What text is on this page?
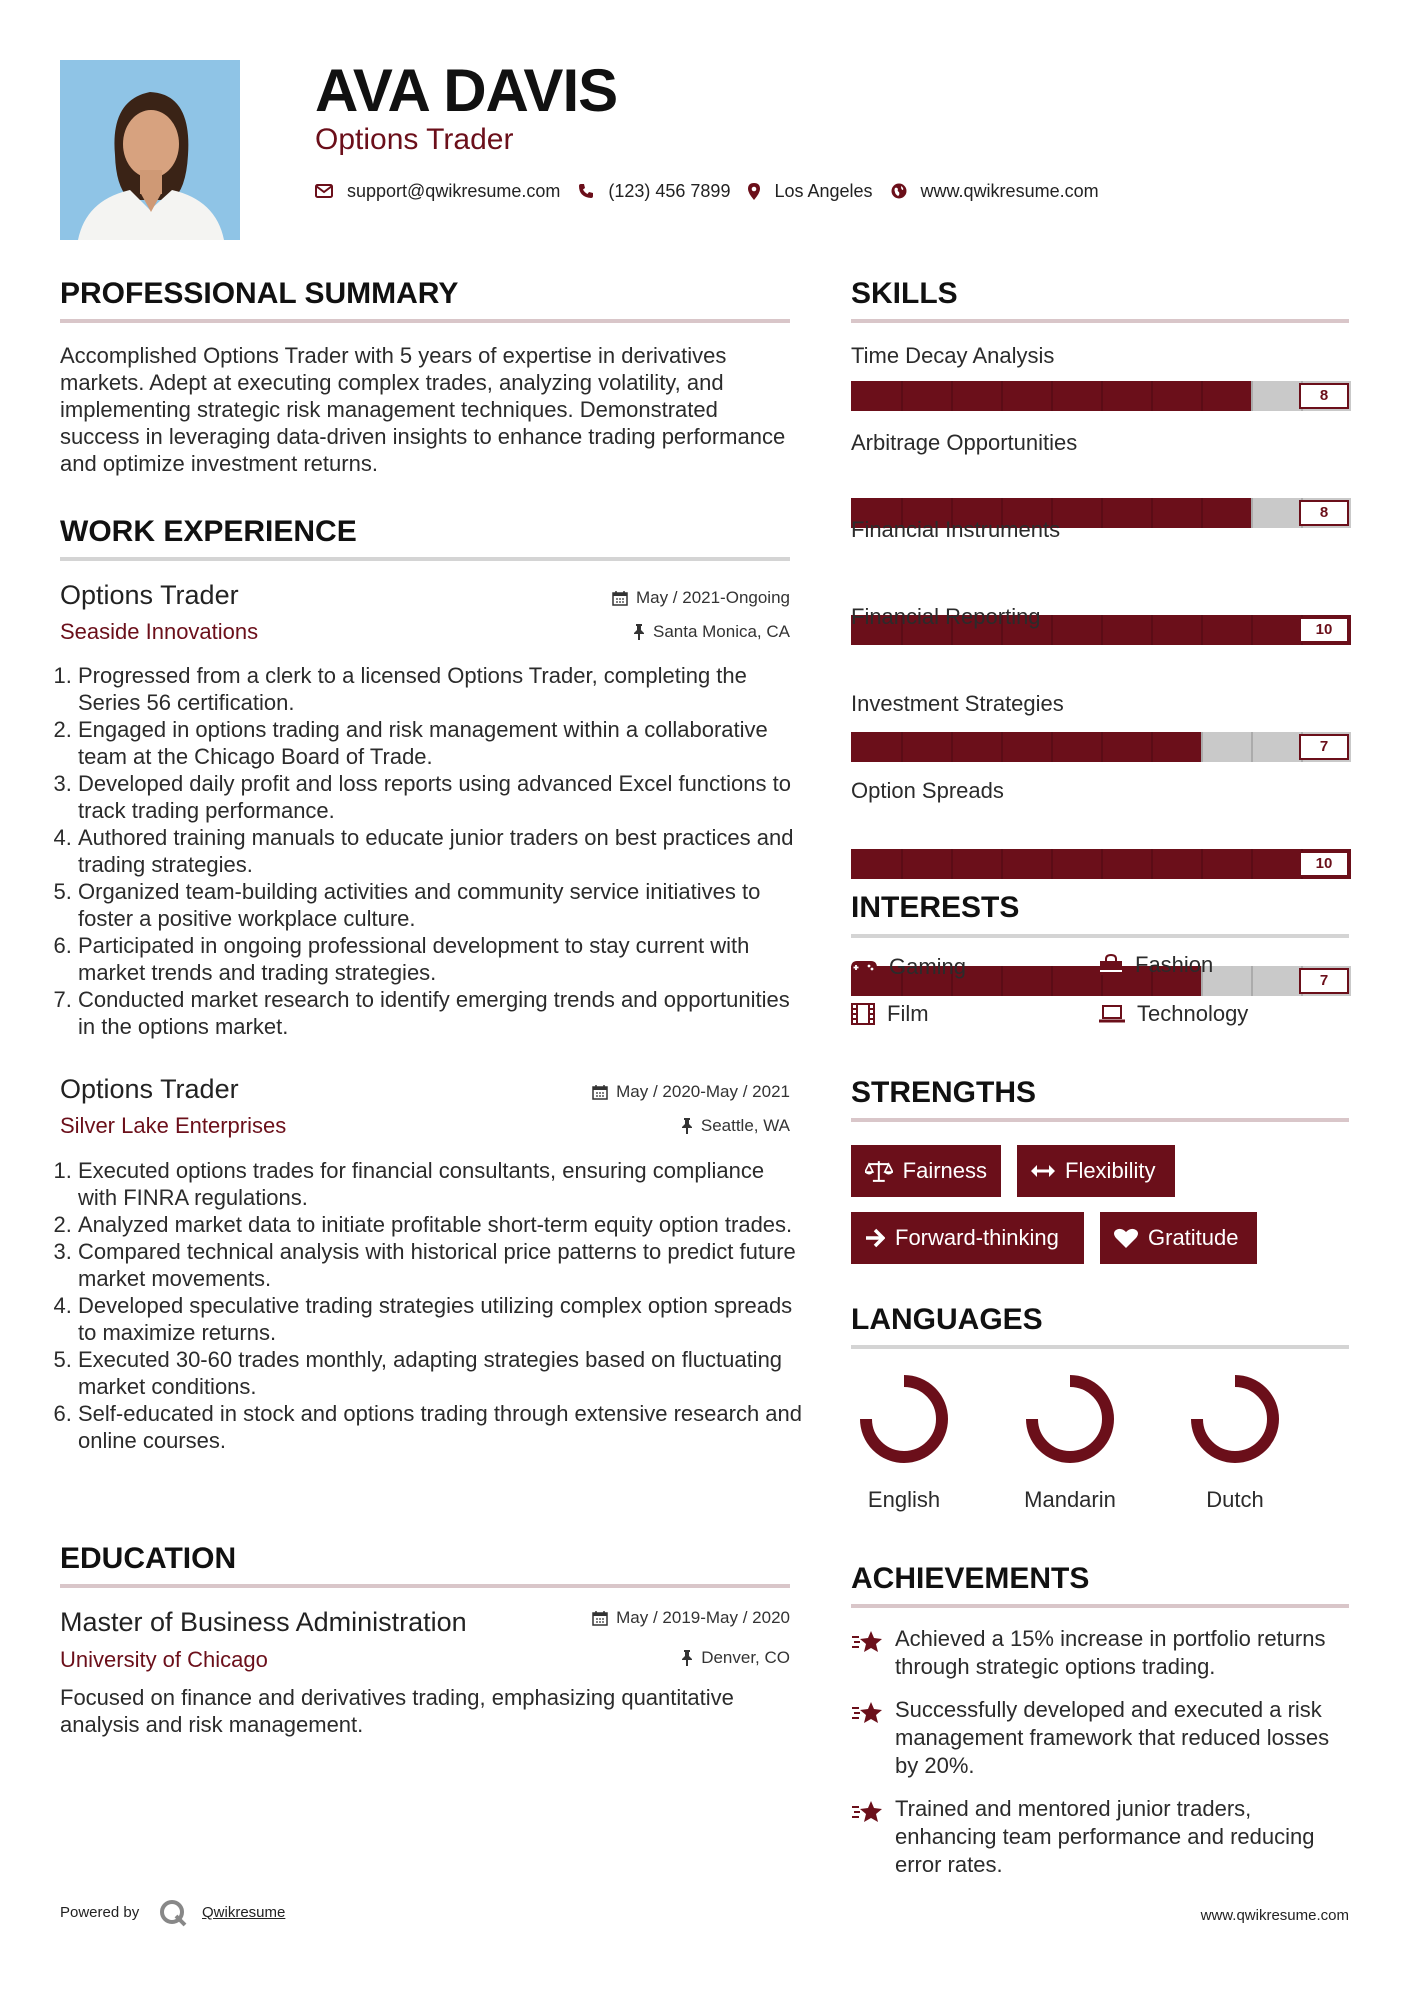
AVA DAVIS
Options Trader
support@qwikresume.com	(123) 456 7899 Los Angeles	www.qwikresume.com
PROFESSIONAL SUMMARY
Accomplished Options Trader with 5 years of expertise in derivatives markets. Adept at executing complex trades, analyzing volatility, and implementing strategic risk management techniques. Demonstrated success in leveraging data-driven insights to enhance trading performance and optimize investment returns.
WORK EXPERIENCE
Options Trader	May / 2021-Ongoing
Seaside Innovations	Santa Monica, CA
1. Progressed from a clerk to a licensed Options Trader, completing the Series 56 certification.
2. Engaged in options trading and risk management within a collaborative team at the Chicago Board of Trade.
3. Developed daily profit and loss reports using advanced Excel functions to track trading performance.
4. Authored training manuals to educate junior traders on best practices and trading strategies.
5. Organized team-building activities and community service initiatives to foster a positive workplace culture.
6. Participated in ongoing professional development to stay current with market trends and trading strategies.
7. Conducted market research to identify emerging trends and opportunities in the options market.
Options Trader	May / 2020-May / 2021
Silver Lake Enterprises	Seattle, WA
1. Executed options trades for financial consultants, ensuring compliance with FINRA regulations.
2. Analyzed market data to initiate profitable short-term equity option trades.
3. Compared technical analysis with historical price patterns to predict future market movements.
4. Developed speculative trading strategies utilizing complex option spreads to maximize returns.
5. Executed 30-60 trades monthly, adapting strategies based on fluctuating market conditions.
6. Self-educated in stock and options trading through extensive research and online courses.
EDUCATION
Master of Business Administration	May / 2019-May / 2020
University of Chicago	Denver, CO
Focused on finance and derivatives trading, emphasizing quantitative analysis and risk management.
SKILLS
Time Decay Analysis
8
Arbitrage Opportunities
8
Financial Instruments
10
Financial Reporting
7
Investment Strategies
10
Option Spreads
7
INTERESTS
Gaming	Fashion
Film	Technology
STRENGTHS
Fairness	Flexibility
Forward-thinking	Gratitude
LANGUAGES
English	Mandarin	Dutch
ACHIEVEMENTS
Achieved a 15% increase in portfolio returns through strategic options trading.
Successfully developed and executed a risk management framework that reduced losses by 20%.
Trained and mentored junior traders, enhancing team performance and reducing error rates.
Powered by	Qwikresume	www.qwikresume.com
